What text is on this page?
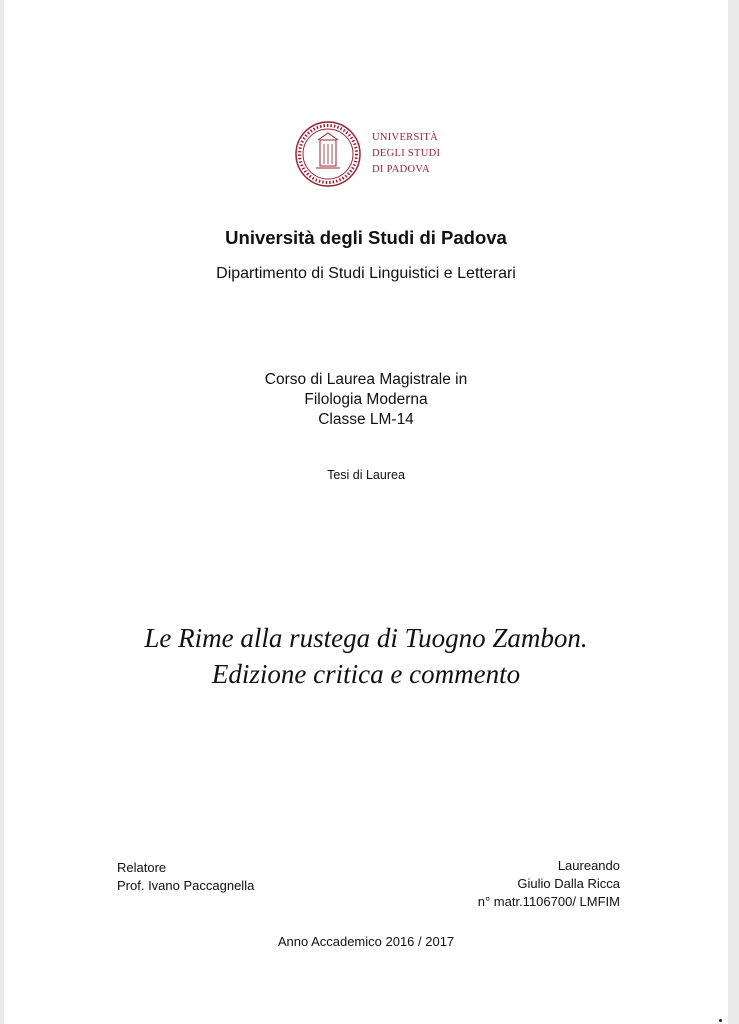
UNIVERSITÀ
DEGLI STUDI
DI PADOVA
Università degli Studi di Padova
Dipartimento di Studi Linguistici e Letterari
Corso di Laurea Magistrale in
Filologia Moderna
Classe LM-14
Tesi di Laurea
Le Rime alla rustega di Tuogno Zambon.
Edizione critica e commento
Relatore
Prof. Ivano Paccagnella
Laureando
Giulio Dalla Ricca
n° matr.1106700/ LMFIM
Anno Accademico 2016 / 2017
